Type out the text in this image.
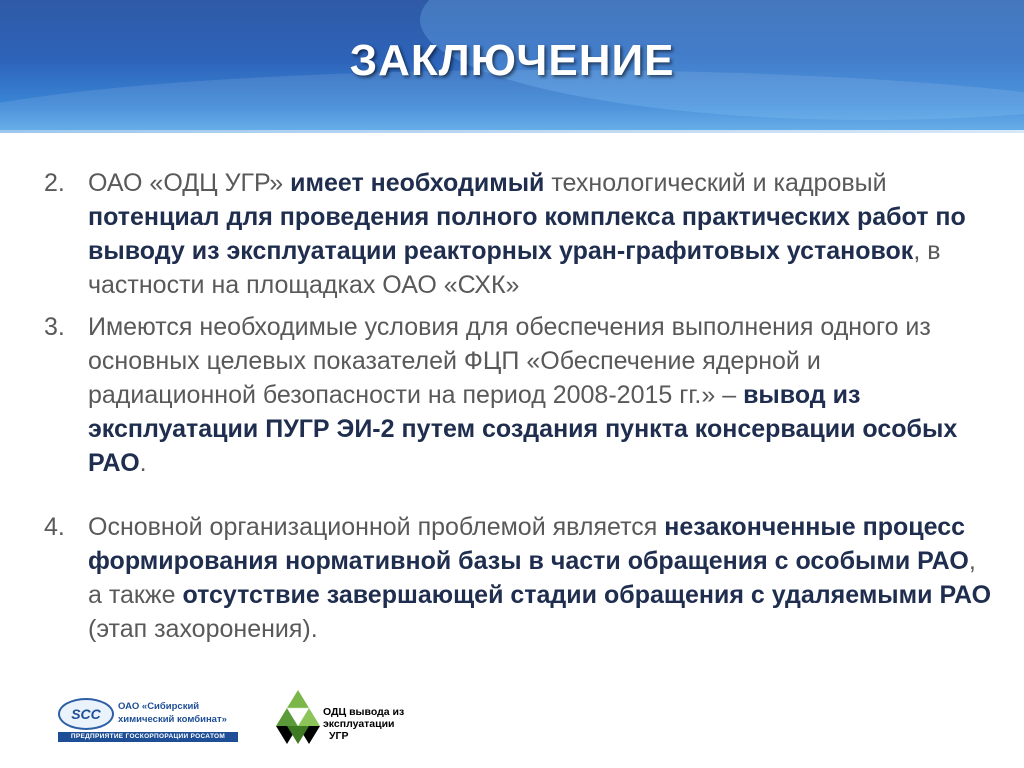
ЗАКЛЮЧЕНИЕ
2. ОАО «ОДЦ УГР» имеет необходимый технологический и кадровый потенциал для проведения полного комплекса практических работ по выводу из эксплуатации реакторных уран-графитовых установок, в частности на площадках ОАО «СХК»
3. Имеются необходимые условия для обеспечения выполнения одного из основных целевых показателей ФЦП «Обеспечение ядерной и радиационной безопасности на период 2008-2015 гг.» – вывод из эксплуатации ПУГР ЭИ-2 путем создания пункта консервации особых РАО.
4. Основной организационной проблемой является незаконченные процесс формирования нормативной базы в части обращения с особыми РАО, а также отсутствие завершающей стадии обращения с удаляемыми РАО (этап захоронения).
SCC	ОАО «Сибирский
химический комбинат»
ПРЕДПРИЯТИЕ ГОСКОРПОРАЦИИ РОСАТОМ
ОДЦ вывода из
эксплуатации
УГР
